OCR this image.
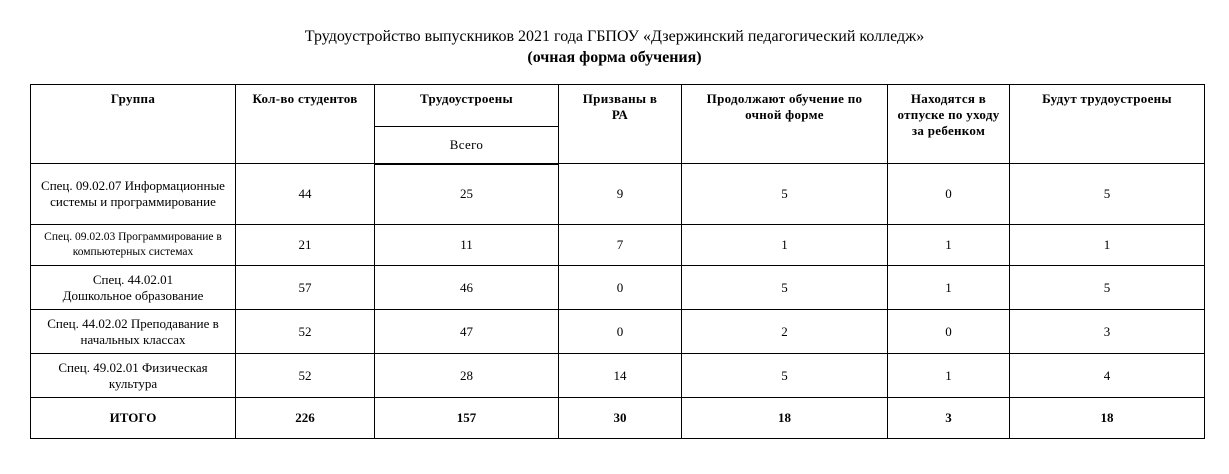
Трудоустройство выпускников 2021 года ГБПОУ «Дзержинский педагогический колледж»
(очная форма обучения)
Группа	Кол-во студентов	Трудоустроены	Призваны в РА	Продолжают обучение по очной форме	Находятся в отпуске по уходу за ребенком	Будут трудоустроены
		Всего				
Спец. 09.02.07 Информационные системы и программирование	44	25	9	5	0	5
Спец. 09.02.03 Программирование в компьютерных системах	21	11	7	1	1	1

Спец. 44.02.01 Дошкольное образование	57	46	0	5	1	5
Спец. 44.02.02 Преподавание в начальных классах	52	47	0	2	0	3

Спец. 49.02.01 Физическая культура	52	28	14	5	1	4
ИТОГО	226	157	30	18	3	18
